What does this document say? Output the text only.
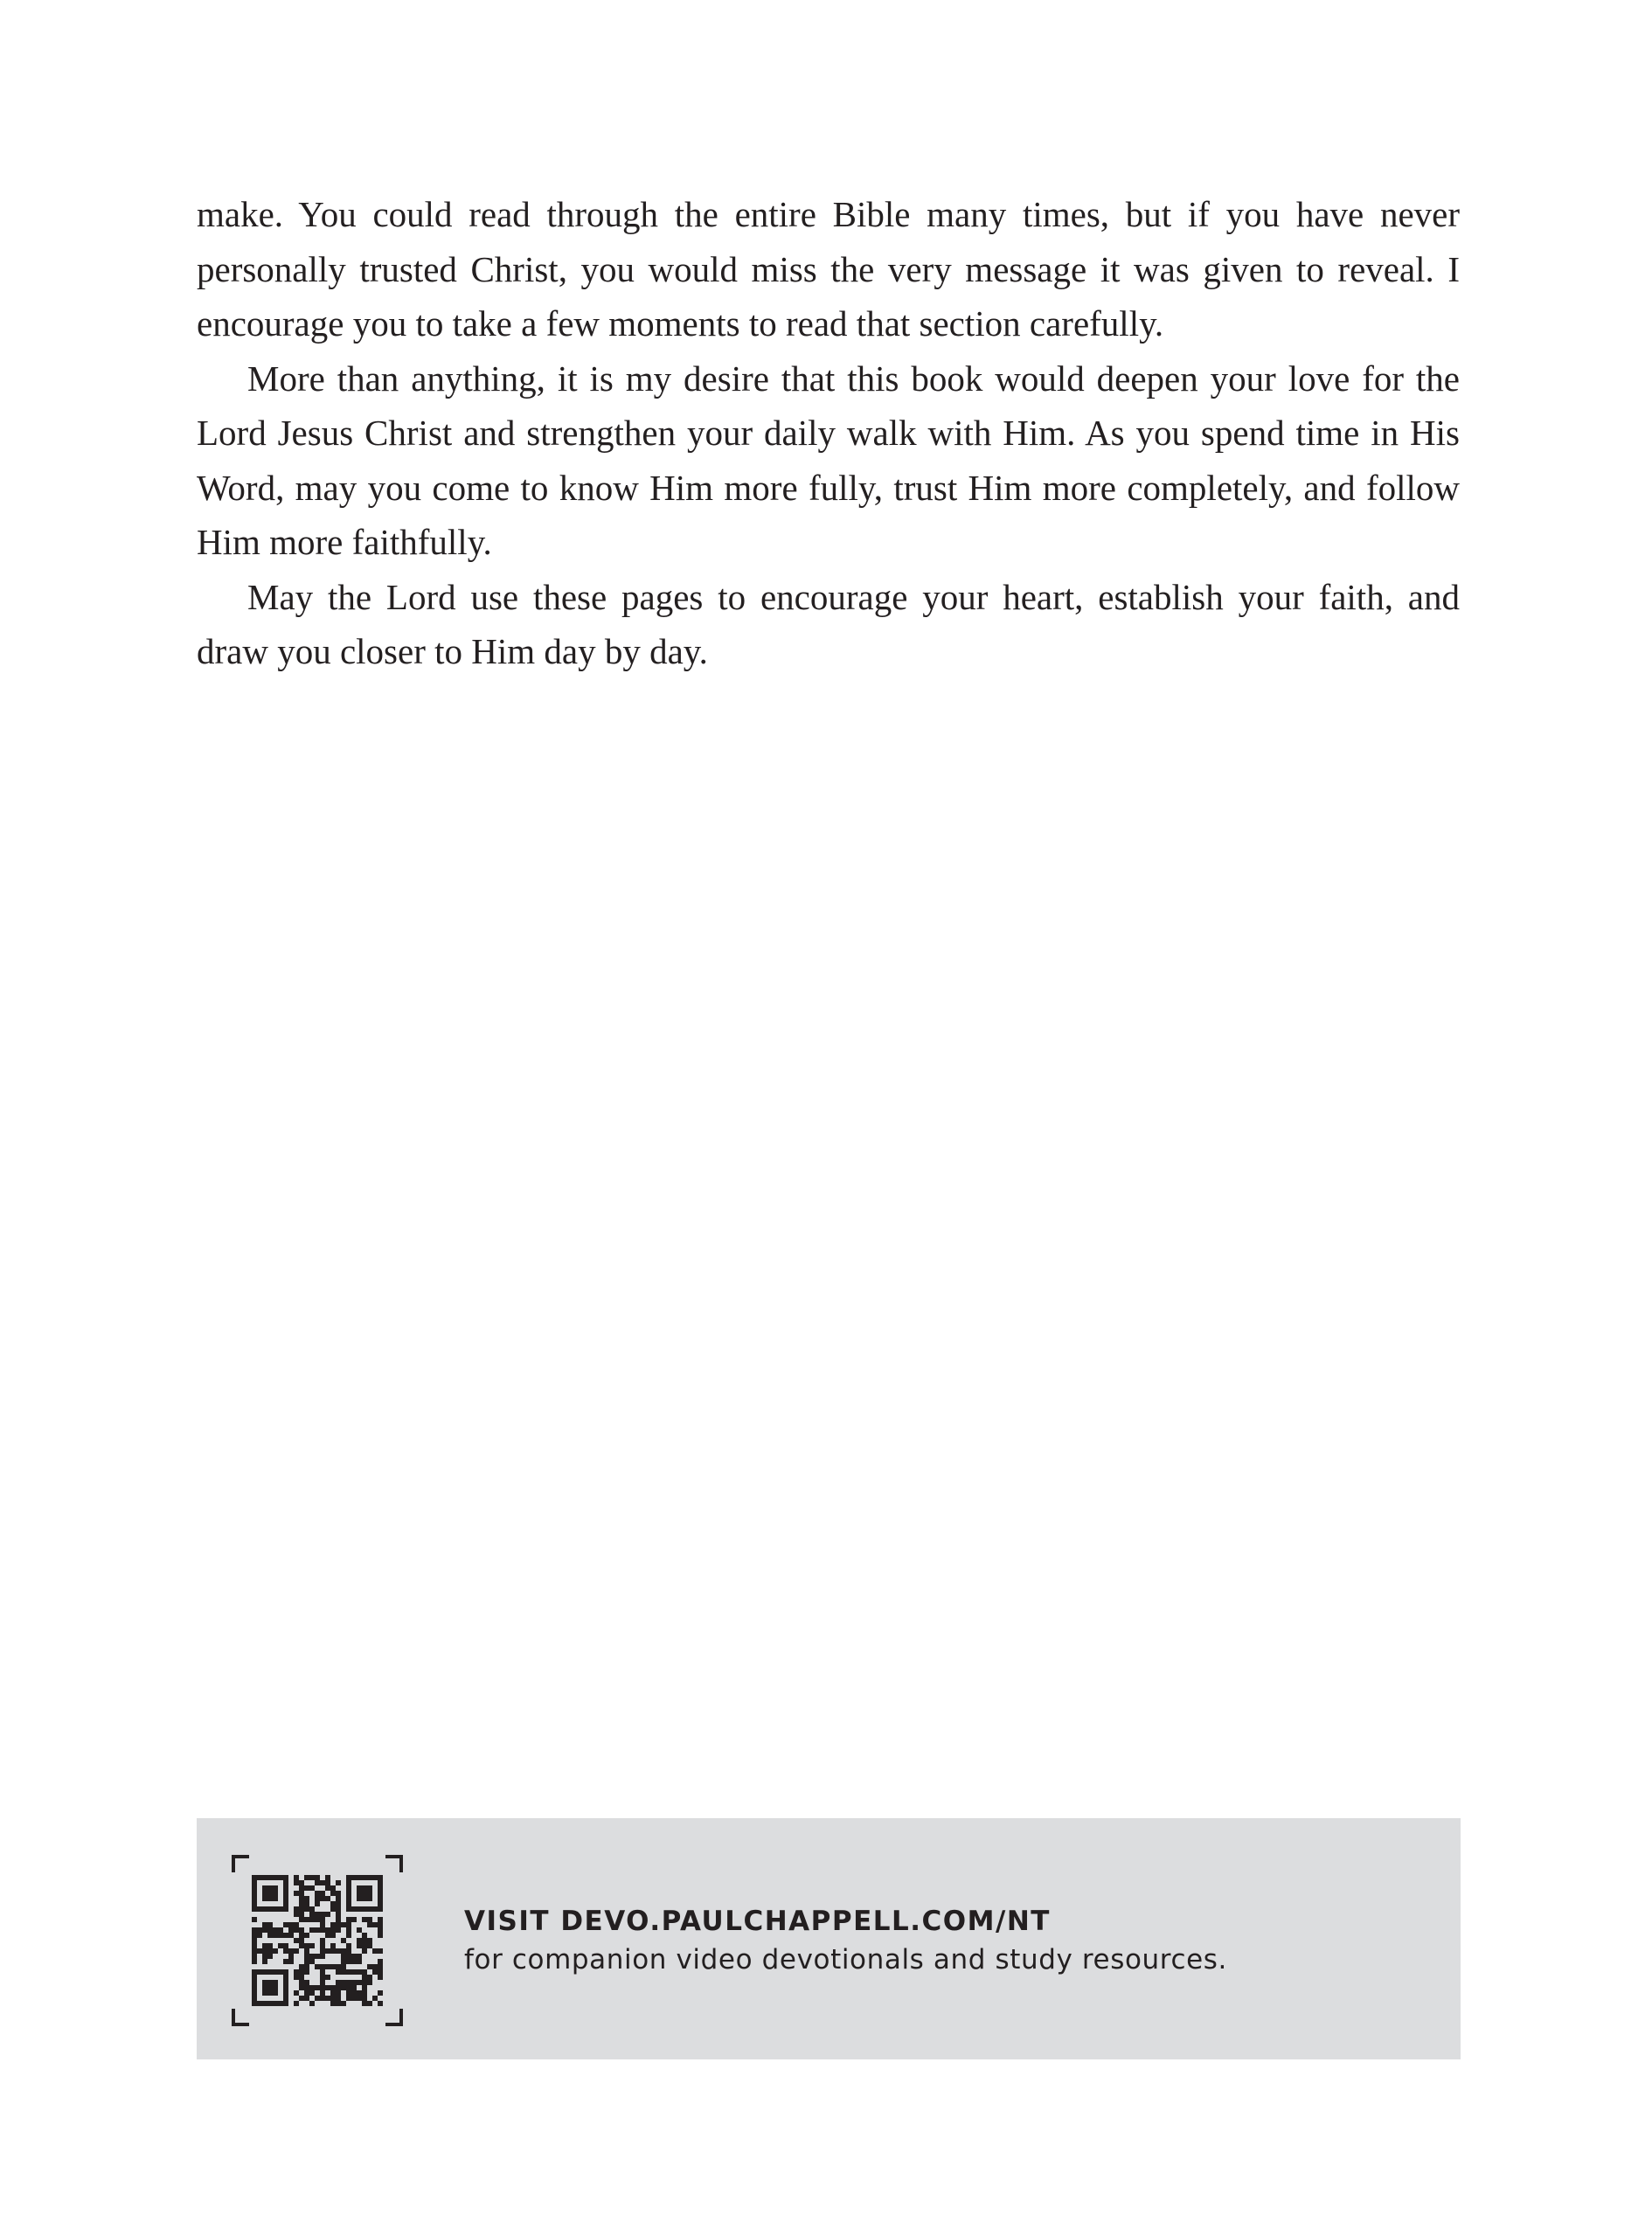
make. You could read through the entire Bible many times, but if you have never personally trusted Christ, you would miss the very message it was given to reveal. I encourage you to take a few moments to read that section carefully.

More than anything, it is my desire that this book would deepen your love for the Lord Jesus Christ and strengthen your daily walk with Him. As you spend time in His Word, may you come to know Him more fully, trust Him more completely, and follow Him more faithfully.

May the Lord use these pages to encourage your heart, establish your faith, and draw you closer to Him day by day.

VISIT DEVO.PAULCHAPPELL.COM/NT
for companion video devotionals and study resources.
